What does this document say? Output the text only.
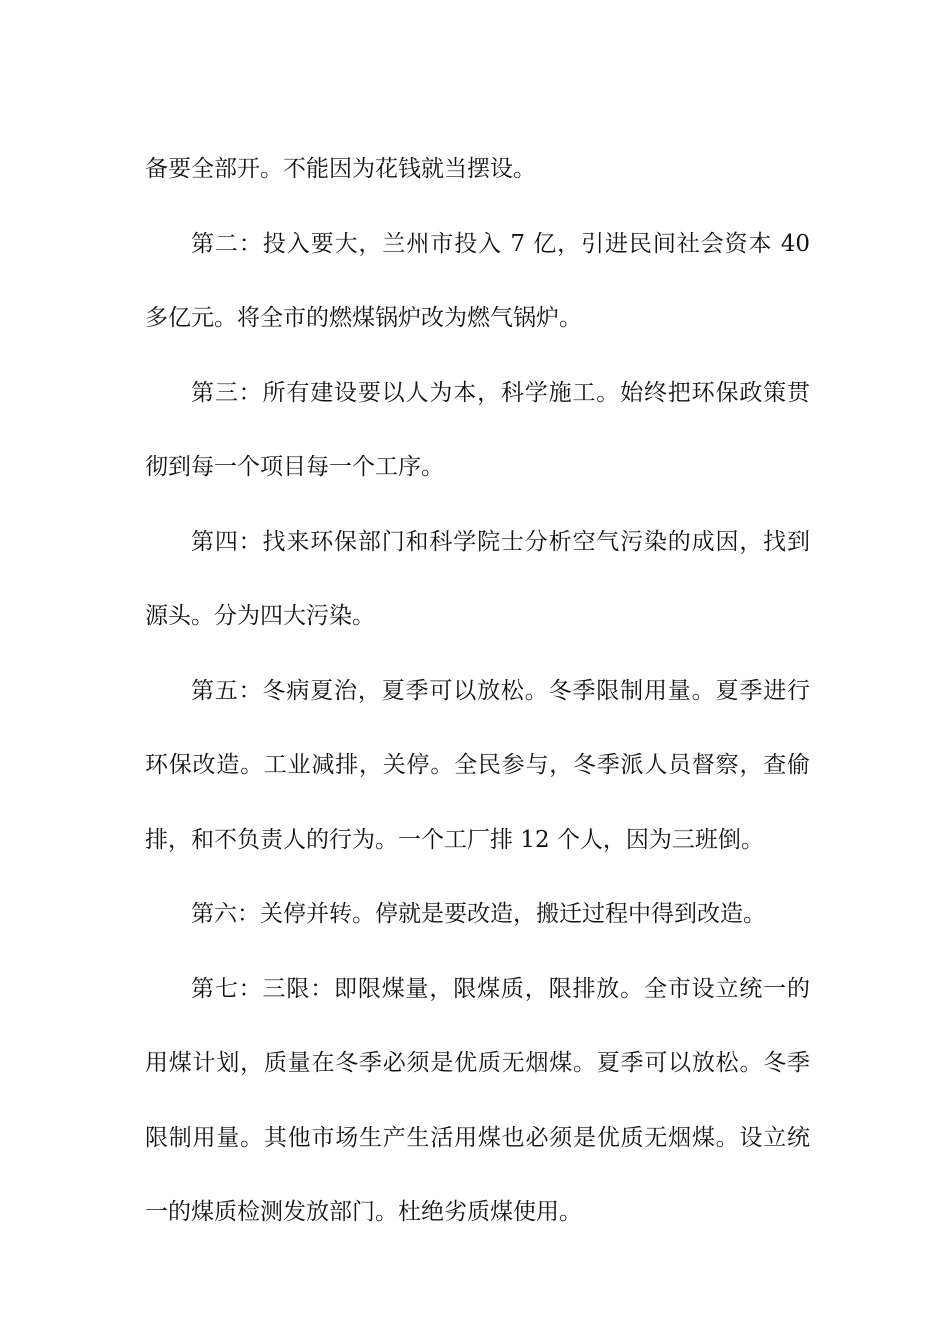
备要全部开。不能因为花钱就当摆设。

第二：投入要大，兰州市投入 7 亿，引进民间社会资本 40 多亿元。将全市的燃煤锅炉改为燃气锅炉。

第三：所有建设要以人为本，科学施工。始终把环保政策贯彻到每一个项目每一个工序。

第四：找来环保部门和科学院士分析空气污染的成因，找到源头。分为四大污染。

第五：冬病夏治，夏季可以放松。冬季限制用量。夏季进行环保改造。工业减排，关停。全民参与，冬季派人员督察，查偷排，和不负责人的行为。一个工厂排 12 个人，因为三班倒。

第六：关停并转。停就是要改造，搬迁过程中得到改造。

第七：三限：即限煤量，限煤质，限排放。全市设立统一的用煤计划，质量在冬季必须是优质无烟煤。夏季可以放松。冬季限制用量。其他市场生产生活用煤也必须是优质无烟煤。设立统一的煤质检测发放部门。杜绝劣质煤使用。
